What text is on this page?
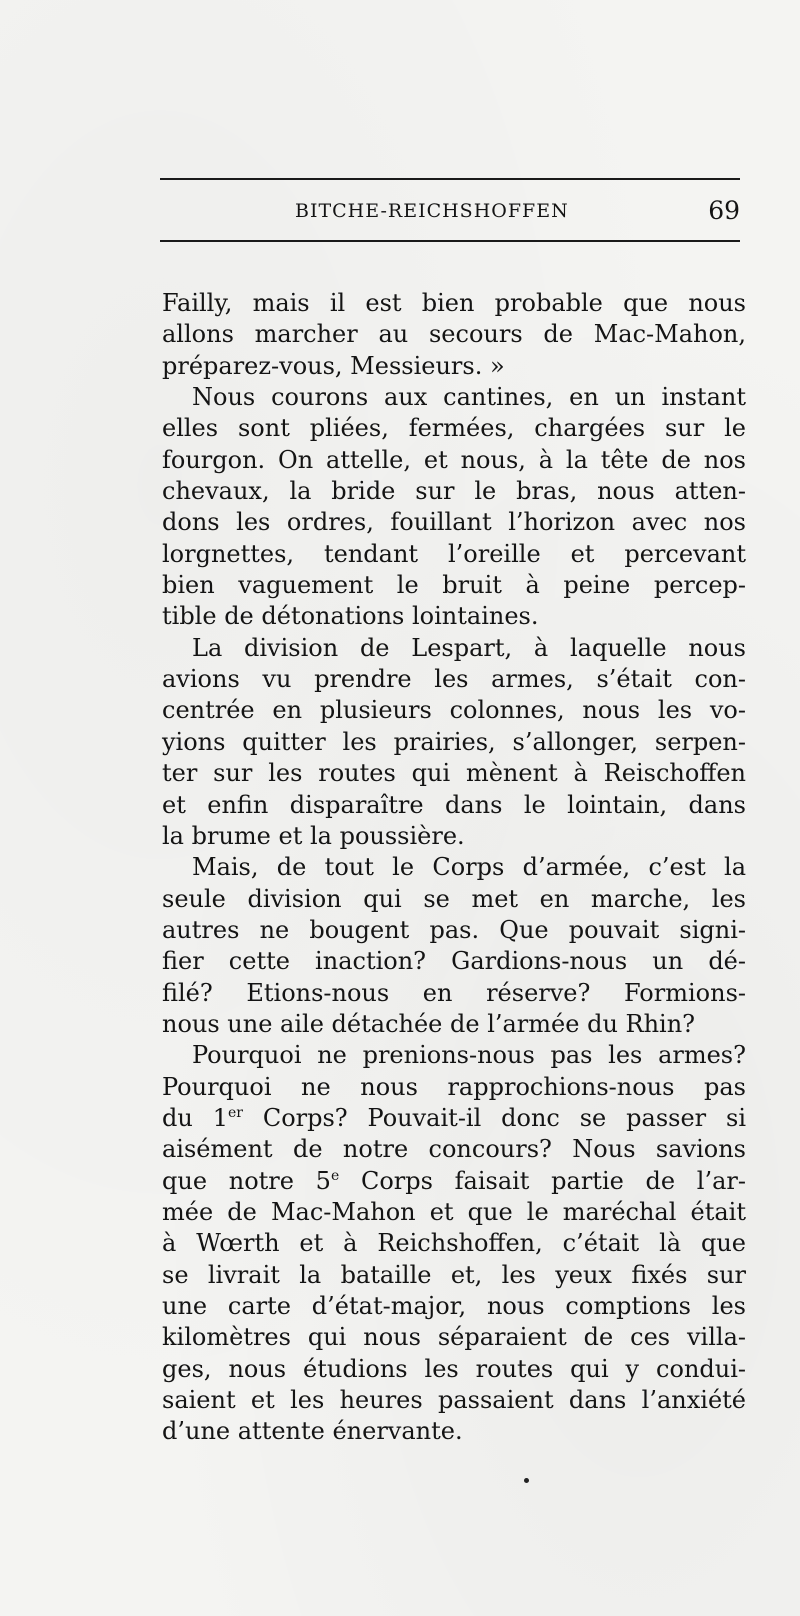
BITCHE-REICHSHOFFEN	69
Failly, mais il est bien probable que nous
allons marcher au secours de Mac-Mahon,
préparez-vous, Messieurs. »
Nous courons aux cantines, en un instant
elles sont pliées, fermées, chargées sur le
fourgon. On attelle, et nous, à la tête de nos
chevaux, la bride sur le bras, nous atten-
dons les ordres, fouillant l’horizon avec nos
lorgnettes, tendant l’oreille et percevant
bien vaguement le bruit à peine percep-
tible de détonations lointaines.
La division de Lespart, à laquelle nous
avions vu prendre les armes, s’était con-
centrée en plusieurs colonnes, nous les vo-
yions quitter les prairies, s’allonger, serpen-
ter sur les routes qui mènent à Reischoffen
et enfin disparaître dans le lointain, dans
la brume et la poussière.
Mais, de tout le Corps d’armée, c’est la
seule division qui se met en marche, les
autres ne bougent pas. Que pouvait signi-
fier cette inaction? Gardions-nous un dé-
filé? Etions-nous en réserve? Formions-
nous une aile détachée de l’armée du Rhin?
Pourquoi ne prenions-nous pas les armes?
Pourquoi ne nous rapprochions-nous pas
du 1er Corps? Pouvait-il donc se passer si
aisément de notre concours? Nous savions
que notre 5e Corps faisait partie de l’ar-
mée de Mac-Mahon et que le maréchal était
à Wœrth et à Reichshoffen, c’était là que
se livrait la bataille et, les yeux fixés sur
une carte d’état-major, nous comptions les
kilomètres qui nous séparaient de ces villa-
ges, nous étudions les routes qui y condui-
saient et les heures passaient dans l’anxiété
d’une attente énervante.
